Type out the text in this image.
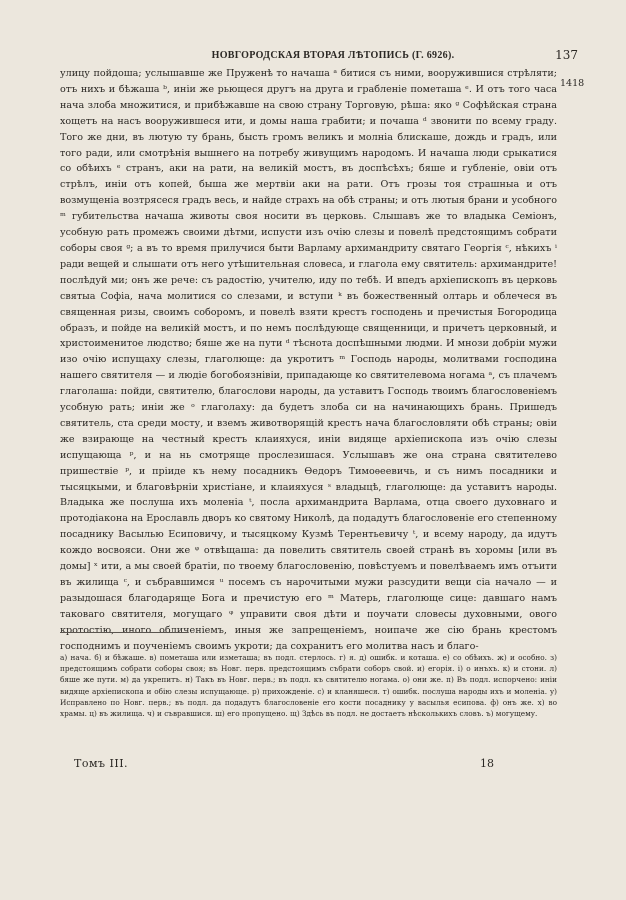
НОВГОРОДСКАЯ ВТОРАЯ ЛѢТОПИСЬ (Г. 6926).	137
1418

улицу пойдоша; услышавше же Пруженѣ то начаша ᵃ битися съ ними, вооружившися стрѣляти; отъ нихъ и бѣжаша ᵇ, инiи же рьющеся другъ на друга и грабленiе пометаша ᵉ. И отъ того часа нача злоба множитися, и прибѣжавше на свою страну Торговую, рѣша: яко ᵍ Софѣйская страна хощетъ на насъ вооружившеся ити, и домы наша грабити; и почаша ᵈ звонити по всему граду. Того же дни, въ лютую ту брань, бысть громъ великъ и молнiа блискаше, дождь и градъ, или того ради, или смотрѣнiя вышнего на потребу живущимъ народомъ. И начаша люди срыкатися со обѣихъ ᵉ странъ, аки на рати, на великiй мостъ, въ доспѣсѣхъ; бяше и губленiе, овiи отъ стрѣлъ, инiи отъ копей, быша же мертвiи аки на рати. Отъ грозы тоя страшныа и отъ возмущенiа возтрясеся градъ весь, и найде страхъ на обѣ страны; и отъ лютыя брани и усобного ᵐ губительства начаша животы своя носити въ церковь. Слышавъ же то владыка Семiонъ, усобную рать промежъ своими дѣтми, испусти изъ очiю слезы и повелѣ предстоящимъ собрати соборы своя ᵍ; а въ то время прилучися быти Варламу архимандриту святаго Георгiя ᶜ, нѣкихъ ⁱ ради вещей и слышати отъ него утѣшительная словеса, и глагола ему святитель: архимандрите! послѣдуй ми; онъ же рече: съ радостiю, учителю, иду по тебѣ. И впедъ архiепископъ въ церковь святыа Софiа, нача молитися со слезами, и вступи ᵏ въ божественный олтарь и облечеся въ священная ризы, своимъ соборомъ, и повелѣ взяти крестъ господень и пречистыя Богородица образъ, и пойде на великiй мостъ, и по немъ послѣдующе священници, и причетъ церковный, и христоименитое людство; бяше же на пути ᵈ тѣснота доспѣшными людми. И мнози добрiи мужи изо очiю испущаху слезы, глаголюще: да укротитъ ᵐ Господь народы, молитвами господина нашего святителя — и людiе богобоязнiвiи, припадающе ко святителевома ногама ᵃ, съ плачемъ глаголаша: пойди, святителю, благослови народы, да уставитъ Господь твоимъ благословенiемъ усобную рать; инiи же ᵒ глаголаху: да будетъ злоба си на начинающихъ брань. Пришедъ святитель, ста среди мосту, и вземъ животворящiй крестъ нача благословляти обѣ страны; овiи же взирающе на честный крестъ клаияхуся, инiи видяще архiепископа изъ очiю слезы испущающа ᵖ, и на нь смотряще прослезишася. Услышавъ же она страна святителево пришествiе ᵖ, и прiиде къ нему посадникъ Ѳедоръ Тимоѳеевичь, и съ нимъ посадники и тысяцкыми, и благовѣрнiи христiане, и клаияхуся ˢ владыцѣ, глаголюще: да уставитъ народы. Владыка же послуша ихъ моленiа ᵗ, посла архимандрита Варлама, отца своего духовнаго и протодiакона на Ерославль дворъ ко святому Николѣ, да подадутъ благословенiе его степенному посаднику Васылью Есиповичу, и тысяцкому Кузмѣ Терентьевичу ᵗ, и всему народу, да идутъ кождо восвояси. Они же ᵠ отвѣщаша: да повелить святитель своей странѣ въ хоромы [или въ домы] ˣ ити, а мы своей братiи, по твоему благословенiю, повѣстуемъ и повелѣваемъ имъ отъити въ жилища ᶜ, и събравшимся ᵘ посемъ съ нарочитыми мужи разсудити вещи сiа начало — и разыдошася благодаряще Бога и пречистую его ᵐ Матерь, глаголюще сице: давшаго намъ таковаго святителя, могущаго ᵠ управити своя дѣти и поучати словесы духовными, ового кротостiю, иного обличенiемъ, иныя же запрещенiемъ, ноипаче же сiю брань крестомъ господнимъ и поученiемъ своимъ укроти; да сохранитъ его молитва насъ и благо-

а) нача. б) и бѣжаше. в) пометаша или изметаша; въ подл. стерлось. г) я. д) ошибк. и коташа. е) со обѣихъ. ж) и особно. з) предстоящимъ собрати соборы своя; въ Новг. перв. предстоящимъ събрати соборъ свой. и) егорiя. i) о инъхъ. к) и стони. л) бяше же пути. м) да укрепитъ. н) Такъ въ Новг. перв.; въ подл. къ святителю ногама. о) они же. п) Въ подл. испорчено: инiи видяще архiепископа и обiю слезы испущающе. р) прихожденiе. с) и кланяшеся. т) ошибк. послуша народы ихъ и моленiа. у) Исправлено по Новг. перв.; въ подл. да подадутъ благословенiе его кости посаднику у васылья есипова. ф) онъ же. х) во храмы. ц) въ жилища. ч) и съвравшися. ш) его пропущено. щ) Здѣсь въ подл. не достаетъ нѣсколькихъ словъ. ъ) могущему.

Томъ III.	18
